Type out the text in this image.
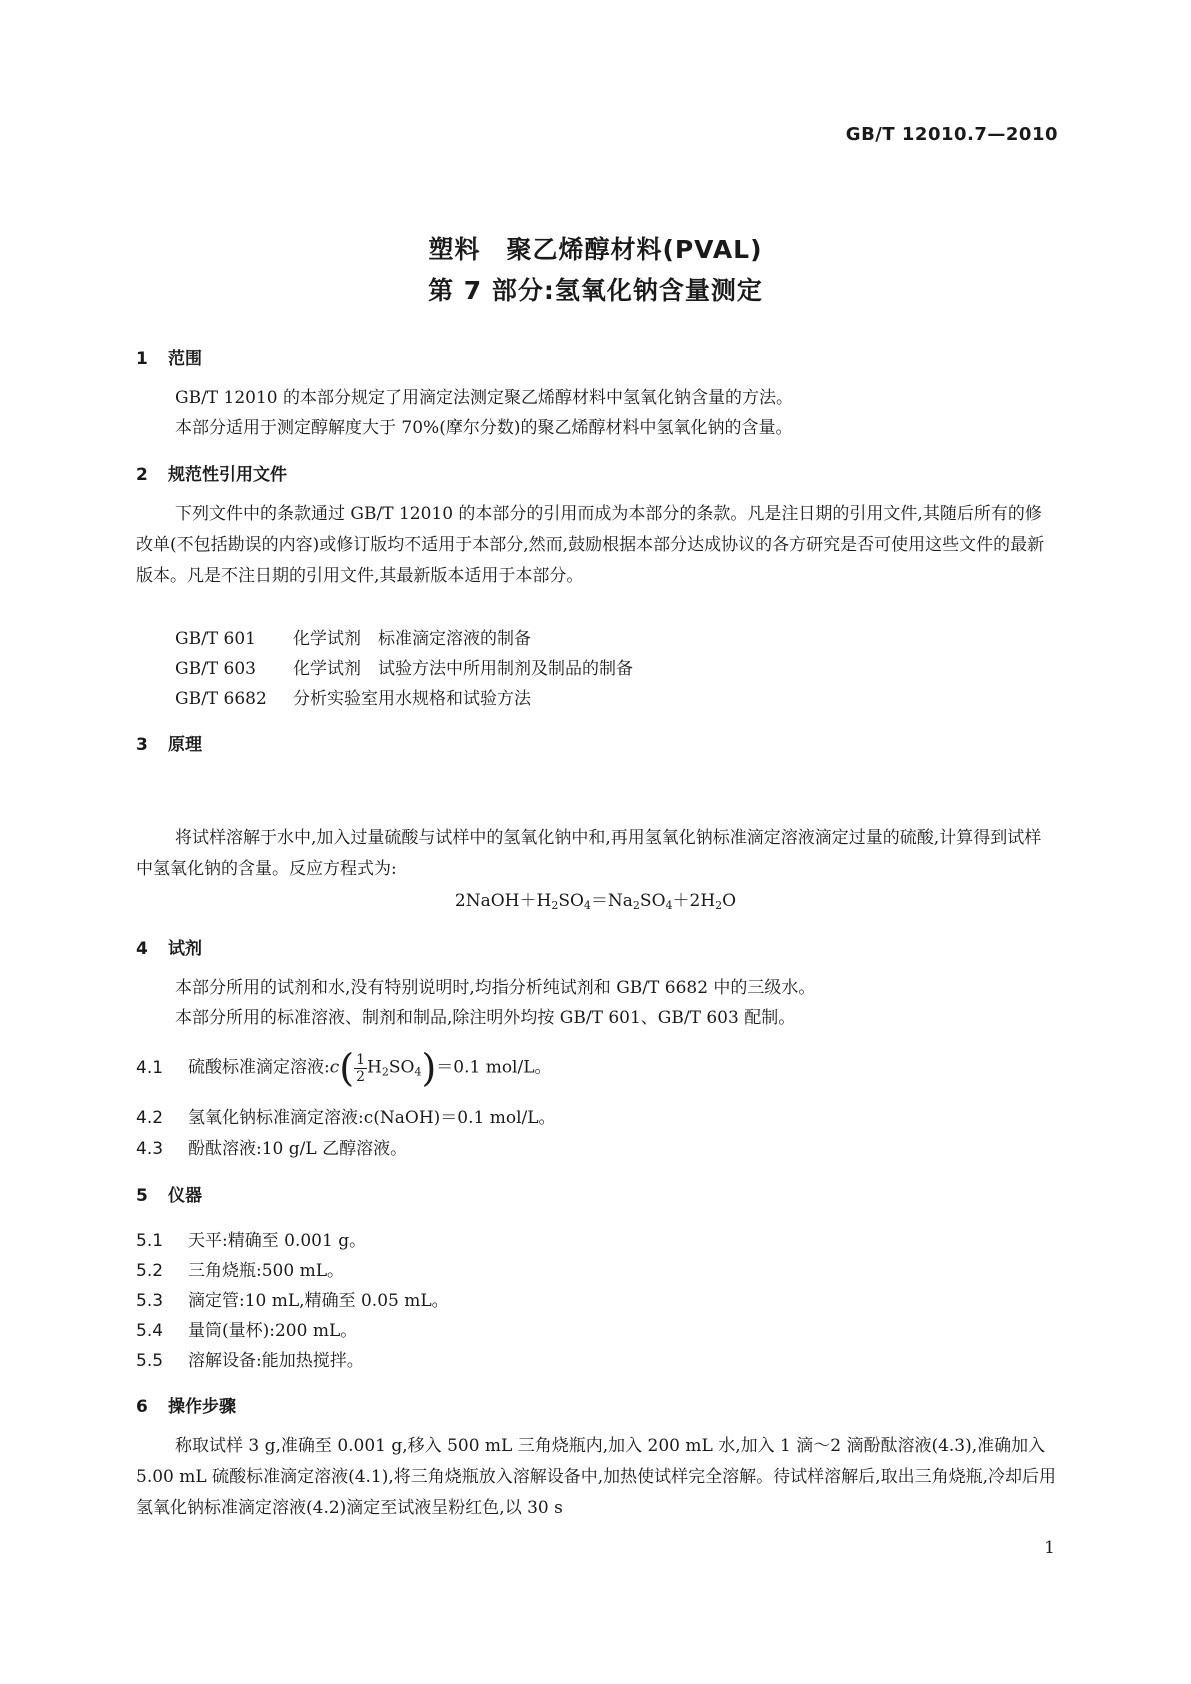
GB/T 12010.7—2010
塑料　聚乙烯醇材料(PVAL)
第 7 部分:氢氧化钠含量测定
1 范围
GB/T 12010 的本部分规定了用滴定法测定聚乙烯醇材料中氢氧化钠含量的方法。
本部分适用于测定醇解度大于 70%(摩尔分数)的聚乙烯醇材料中氢氧化钠的含量。
2 规范性引用文件
下列文件中的条款通过 GB/T 12010 的本部分的引用而成为本部分的条款。凡是注日期的引用文件,其随后所有的修改单(不包括勘误的内容)或修订版均不适用于本部分,然而,鼓励根据本部分达成协议的各方研究是否可使用这些文件的最新版本。凡是不注日期的引用文件,其最新版本适用于本部分。
GB/T 601 化学试剂　标准滴定溶液的制备
GB/T 603 化学试剂　试验方法中所用制剂及制品的制备
GB/T 6682 分析实验室用水规格和试验方法
3 原理
将试样溶解于水中,加入过量硫酸与试样中的氢氧化钠中和,再用氢氧化钠标准滴定溶液滴定过量的硫酸,计算得到试样中氢氧化钠的含量。反应方程式为:
$2NaOH+H_2SO_4=Na_2SO_4+2H_2O$
4 试剂
本部分所用的试剂和水,没有特别说明时,均指分析纯试剂和 GB/T 6682 中的三级水。
本部分所用的标准溶液、制剂和制品,除注明外均按 GB/T 601、GB/T 603 配制。
4.1 硫酸标准滴定溶液:c( $\frac{1}{2} H_2SO_4)=0.1$ mol/L。
4.2 氢氧化钠标准滴定溶液:c(NaOH)＝0.1 mol/L。
4.3 酚酞溶液:10 g/L 乙醇溶液。
5 仪器
5.1 天平:精确至 0.001 g。
5.2 三角烧瓶:500 mL。
5.3 滴定管:10 mL,精确至 0.05 mL。
5.4 量筒(量杯):200 mL。
5.5 溶解设备:能加热搅拌。
6 操作步骤
称取试样 3 g,准确至 0.001 g,移入 500 mL 三角烧瓶内,加入 200 mL 水,加入 1 滴～2 滴酚酞溶液(4.3),准确加入 5.00 mL 硫酸标准滴定溶液(4.1),将三角烧瓶放入溶解设备中,加热使试样完全溶解。待试样溶解后,取出三角烧瓶,冷却后用氢氧化钠标准滴定溶液(4.2)滴定至试液呈粉红色,以 30 s
1
